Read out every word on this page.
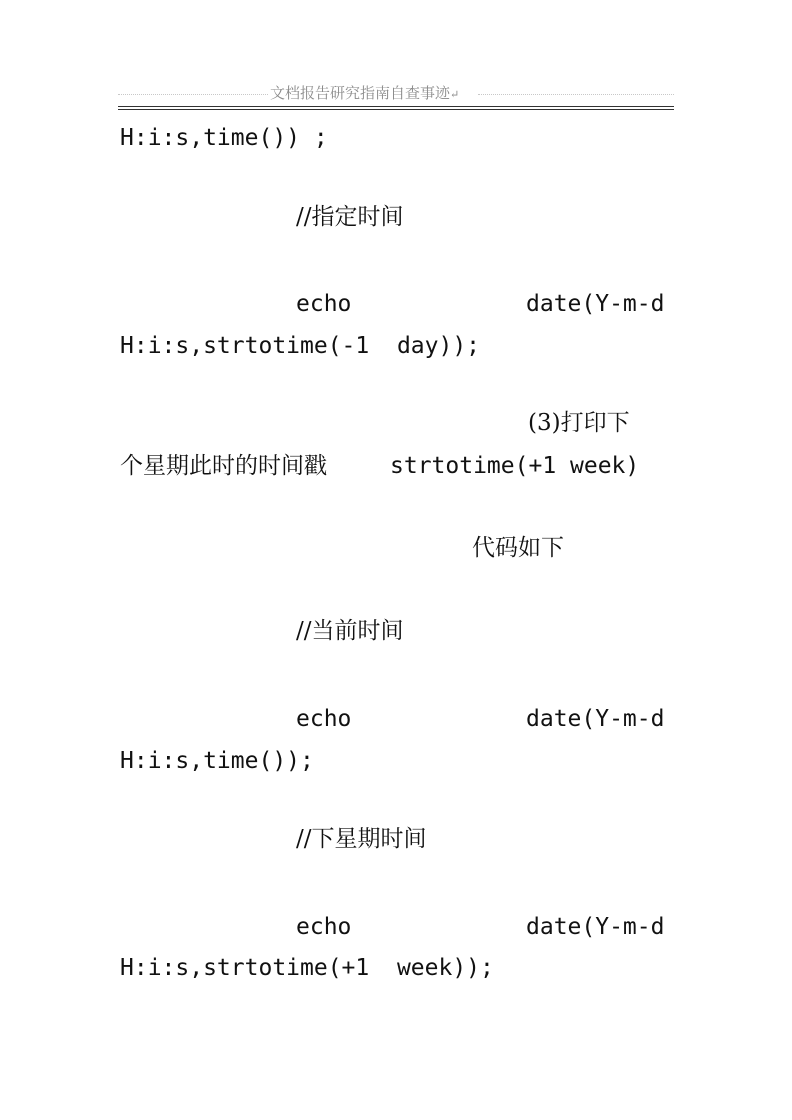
文档报告研究指南自查事迹↵
H:i:s,time()) ;
//指定时间
echo	date(Y-m-d
H:i:s,strtotime(-1  day));
(3)打印下
个星期此时的时间戳	strtotime(+1 week)
代码如下
//当前时间
echo	date(Y-m-d
H:i:s,time());
//下星期时间
echo	date(Y-m-d
H:i:s,strtotime(+1  week));
